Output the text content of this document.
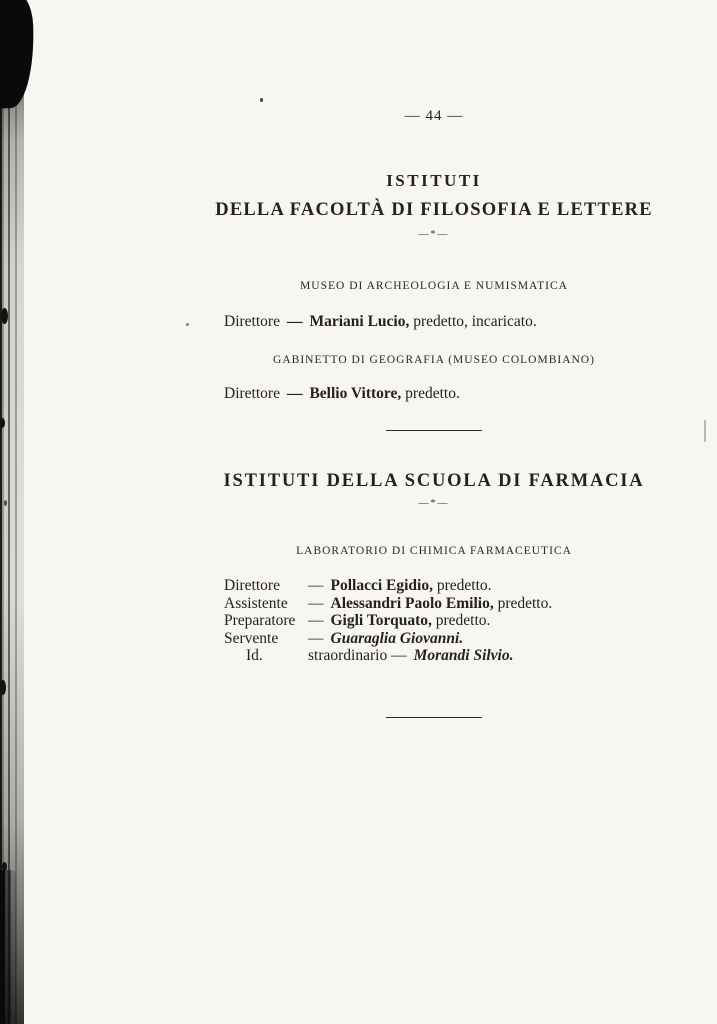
— 44 —
ISTITUTI
DELLA FACOLTÀ DI FILOSOFIA E LETTERE
—*—
MUSEO DI ARCHEOLOGIA E NUMISMATICA

Direttore — Mariani Lucio, predetto, incaricato.

GABINETTO DI GEOGRAFIA (MUSEO COLOMBIANO)

Direttore — Bellio Vittore, predetto.

ISTITUTI DELLA SCUOLA DI FARMACIA
—*—
LABORATORIO DI CHIMICA FARMACEUTICA
Direttore — Pollacci Egidio, predetto.
Assistente — Alessandri Paolo Emilio, predetto.
Preparatore — Gigli Torquato, predetto.
Servente — Guaraglia Giovanni.
Id.	straordinario — Morandi Silvio.
